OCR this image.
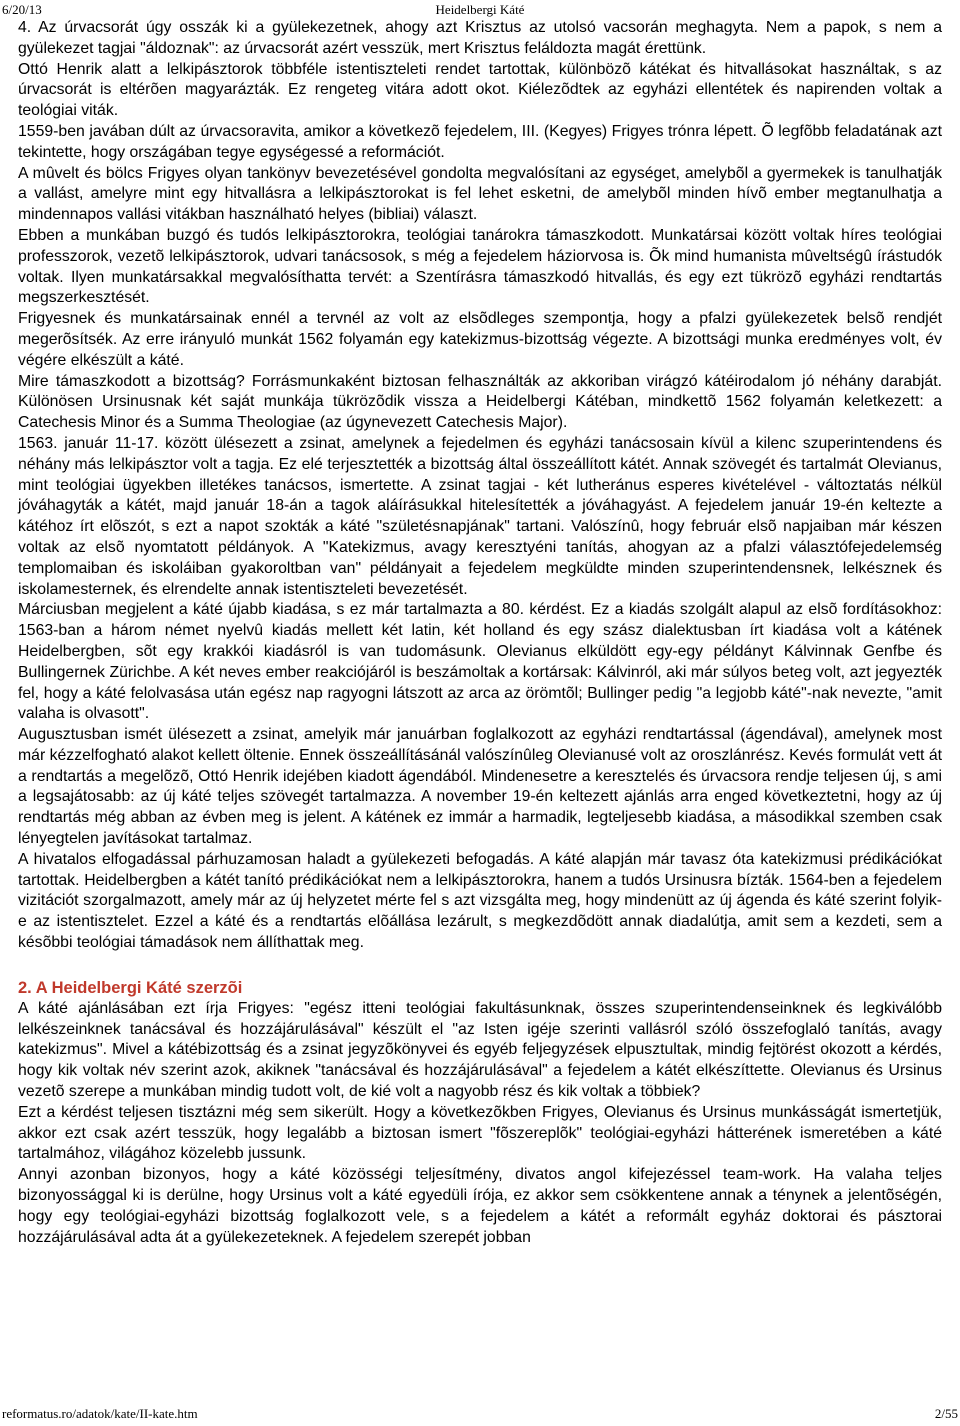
6/20/13	Heidelbergi Káté

4. Az úrvacsorát úgy osszák ki a gyülekezetnek, ahogy azt Krisztus az utolsó vacsorán meghagyta. Nem a papok, s nem a gyülekezet tagjai "áldoznak": az úrvacsorát azért vesszük, mert Krisztus feláldozta magát érettünk.

Ottó Henrik alatt a lelkipásztorok többféle istentiszteleti rendet tartottak, különbözõ kátékat és hitvallásokat használtak, s az úrvacsorát is eltérõen magyarázták. Ez rengeteg vitára adott okot. Kiélezõdtek az egyházi ellentétek és napirenden voltak a teológiai viták.

1559-ben javában dúlt az úrvacsoravita, amikor a következõ fejedelem, III. (Kegyes) Frigyes trónra lépett. Õ legfõbb feladatának azt tekintette, hogy országában tegye egységessé a reformációt.

A mûvelt és bölcs Frigyes olyan tankönyv bevezetésével gondolta megvalósítani az egységet, amelybõl a gyermekek is tanulhatják a vallást, amelyre mint egy hitvallásra a lelkipásztorokat is fel lehet esketni, de amelybõl minden hívõ ember megtanulhatja a mindennapos vallási vitákban használható helyes (bibliai) választ.

Ebben a munkában buzgó és tudós lelkipásztorokra, teológiai tanárokra támaszkodott. Munkatársai között voltak híres teológiai professzorok, vezetõ lelkipásztorok, udvari tanácsosok, s még a fejedelem háziorvosa is. Õk mind humanista mûveltségû írástudók voltak. Ilyen munkatársakkal megvalósíthatta tervét: a Szentírásra támaszkodó hitvallás, és egy ezt tükrözõ egyházi rendtartás megszerkesztését.

Frigyesnek és munkatársainak ennél a tervnél az volt az elsõdleges szempontja, hogy a pfalzi gyülekezetek belsõ rendjét megerõsítsék. Az erre irányuló munkát 1562 folyamán egy katekizmus-bizottság végezte. A bizottsági munka eredményes volt, év végére elkészült a káté.

Mire támaszkodott a bizottság? Forrásmunkaként biztosan felhasználták az akkoriban virágzó kátéirodalom jó néhány darabját. Különösen Ursinusnak két saját munkája tükrözõdik vissza a Heidelbergi Kátéban, mindkettõ 1562 folyamán keletkezett: a Catechesis Minor és a Summa Theologiae (az úgynevezett Catechesis Major).

1563. január 11-17. között ülésezett a zsinat, amelynek a fejedelmen és egyházi tanácsosain kívül a kilenc szuperintendens és néhány más lelkipásztor volt a tagja. Ez elé terjesztették a bizottság által összeállított kátét. Annak szövegét és tartalmát Olevianus, mint teológiai ügyekben illetékes tanácsos, ismertette. A zsinat tagjai - két lutheránus esperes kivételével - változtatás nélkül jóváhagyták a kátét, majd január 18-án a tagok aláírásukkal hitelesítették a jóváhagyást. A fejedelem január 19-én keltezte a kátéhoz írt elõszót, s ezt a napot szokták a káté "születésnapjának" tartani. Valószínû, hogy február elsõ napjaiban már készen voltak az elsõ nyomtatott példányok. A "Katekizmus, avagy keresztyéni tanítás, ahogyan az a pfalzi választófejedelemség templomaiban és iskoláiban gyakoroltban van" példányait a fejedelem megküldte minden szuperintendensnek, lelkésznek és iskolamesternek, és elrendelte annak istentiszteleti bevezetését.

Márciusban megjelent a káté újabb kiadása, s ez már tartalmazta a 80. kérdést. Ez a kiadás szolgált alapul az elsõ fordításokhoz: 1563-ban a három német nyelvû kiadás mellett két latin, két holland és egy szász dialektusban írt kiadása volt a kátének Heidelbergben, sõt egy krakkói kiadásról is van tudomásunk. Olevianus elküldött egy-egy példányt Kálvinnak Genfbe és Bullingernek Zürichbe. A két neves ember reakciójáról is beszámoltak a kortársak: Kálvinról, aki már súlyos beteg volt, azt jegyezték fel, hogy a káté felolvasása után egész nap ragyogni látszott az arca az örömtõl; Bullinger pedig "a legjobb káté"-nak nevezte, "amit valaha is olvasott".

Augusztusban ismét ülésezett a zsinat, amelyik már januárban foglalkozott az egyházi rendtartással (ágendával), amelynek most már kézzelfogható alakot kellett öltenie. Ennek összeállításánál valószínûleg Olevianusé volt az oroszlánrész. Kevés formulát vett át a rendtartás a megelõzõ, Ottó Henrik idejében kiadott ágendából. Mindenesetre a keresztelés és úrvacsora rendje teljesen új, s ami a legsajátosabb: az új káté teljes szövegét tartalmazza. A november 19-én keltezett ajánlás arra enged következtetni, hogy az új rendtartás még abban az évben meg is jelent. A kátének ez immár a harmadik, legteljesebb kiadása, a másodikkal szemben csak lényegtelen javításokat tartalmaz.

A hivatalos elfogadással párhuzamosan haladt a gyülekezeti befogadás. A káté alapján már tavasz óta katekizmusi prédikációkat tartottak. Heidelbergben a kátét tanító prédikációkat nem a lelkipásztorokra, hanem a tudós Ursinusra bízták. 1564-ben a fejedelem vizitációt szorgalmazott, amely már az új helyzetet mérte fel s azt vizsgálta meg, hogy mindenütt az új ágenda és káté szerint folyik-e az istentisztelet. Ezzel a káté és a rendtartás elõállása lezárult, s megkezdõdött annak diadalútja, amit sem a kezdeti, sem a késõbbi teológiai támadások nem állíthattak meg.

2. A Heidelbergi Káté szerzõi

A káté ajánlásában ezt írja Frigyes: "egész itteni teológiai fakultásunknak, összes szuperintendenseinknek és legkiválóbb lelkészeinknek tanácsával és hozzájárulásával" készült el "az Isten igéje szerinti vallásról szóló összefoglaló tanítás, avagy katekizmus". Mivel a kátébizottság és a zsinat jegyzõkönyvei és egyéb feljegyzések elpusztultak, mindig fejtörést okozott a kérdés, hogy kik voltak név szerint azok, akiknek "tanácsával és hozzájárulásával" a fejedelem a kátét elkészíttette. Olevianus és Ursinus vezetõ szerepe a munkában mindig tudott volt, de kié volt a nagyobb rész és kik voltak a többiek?

Ezt a kérdést teljesen tisztázni még sem sikerült. Hogy a következõkben Frigyes, Olevianus és Ursinus munkásságát ismertetjük, akkor ezt csak azért tesszük, hogy legalább a biztosan ismert "fõszereplõk" teológiai-egyházi hátterének ismeretében a káté tartalmához, világához közelebb jussunk.

Annyi azonban bizonyos, hogy a káté közösségi teljesítmény, divatos angol kifejezéssel team-work. Ha valaha teljes bizonyossággal ki is derülne, hogy Ursinus volt a káté egyedüli írója, ez akkor sem csökkentene annak a ténynek a jelentõségén, hogy egy teológiai-egyházi bizottság foglalkozott vele, s a fejedelem a kátét a reformált egyház doktorai és pásztorai hozzájárulásával adta át a gyülekezeteknek. A fejedelem szerepét jobban

reformatus.ro/adatok/kate/II-kate.htm	2/55
